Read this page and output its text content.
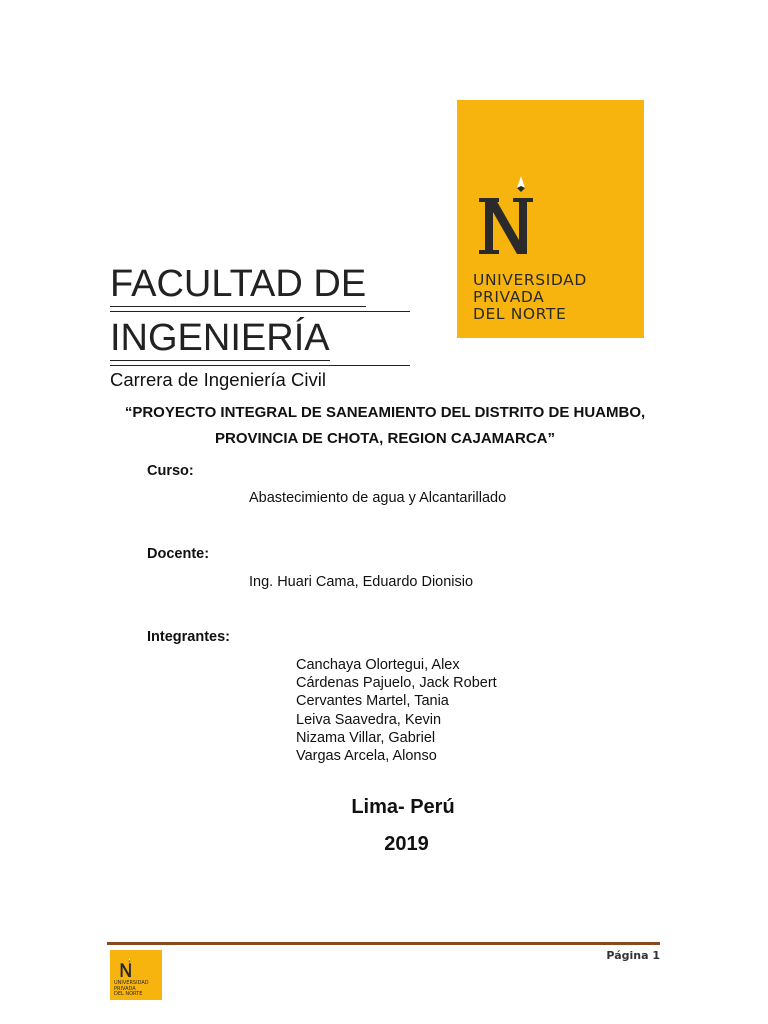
UNIVERSIDAD
PRIVADA
DEL NORTE
FACULTAD DE
INGENIERÍA
Carrera de Ingeniería Civil
“PROYECTO INTEGRAL DE SANEAMIENTO DEL DISTRITO DE HUAMBO,
PROVINCIA DE CHOTA, REGION CAJAMARCA”
Curso:
Abastecimiento de agua y Alcantarillado
Docente:
Ing. Huari Cama, Eduardo Dionisio
Integrantes:
Canchaya Olortegui, Alex
Cárdenas Pajuelo, Jack Robert
Cervantes Martel, Tania
Leiva Saavedra, Kevin
Nizama Villar, Gabriel
Vargas Arcela, Alonso
Lima- Perú
2019
UNIVERSIDAD
PRIVADA
DEL NORTE
Página 1
